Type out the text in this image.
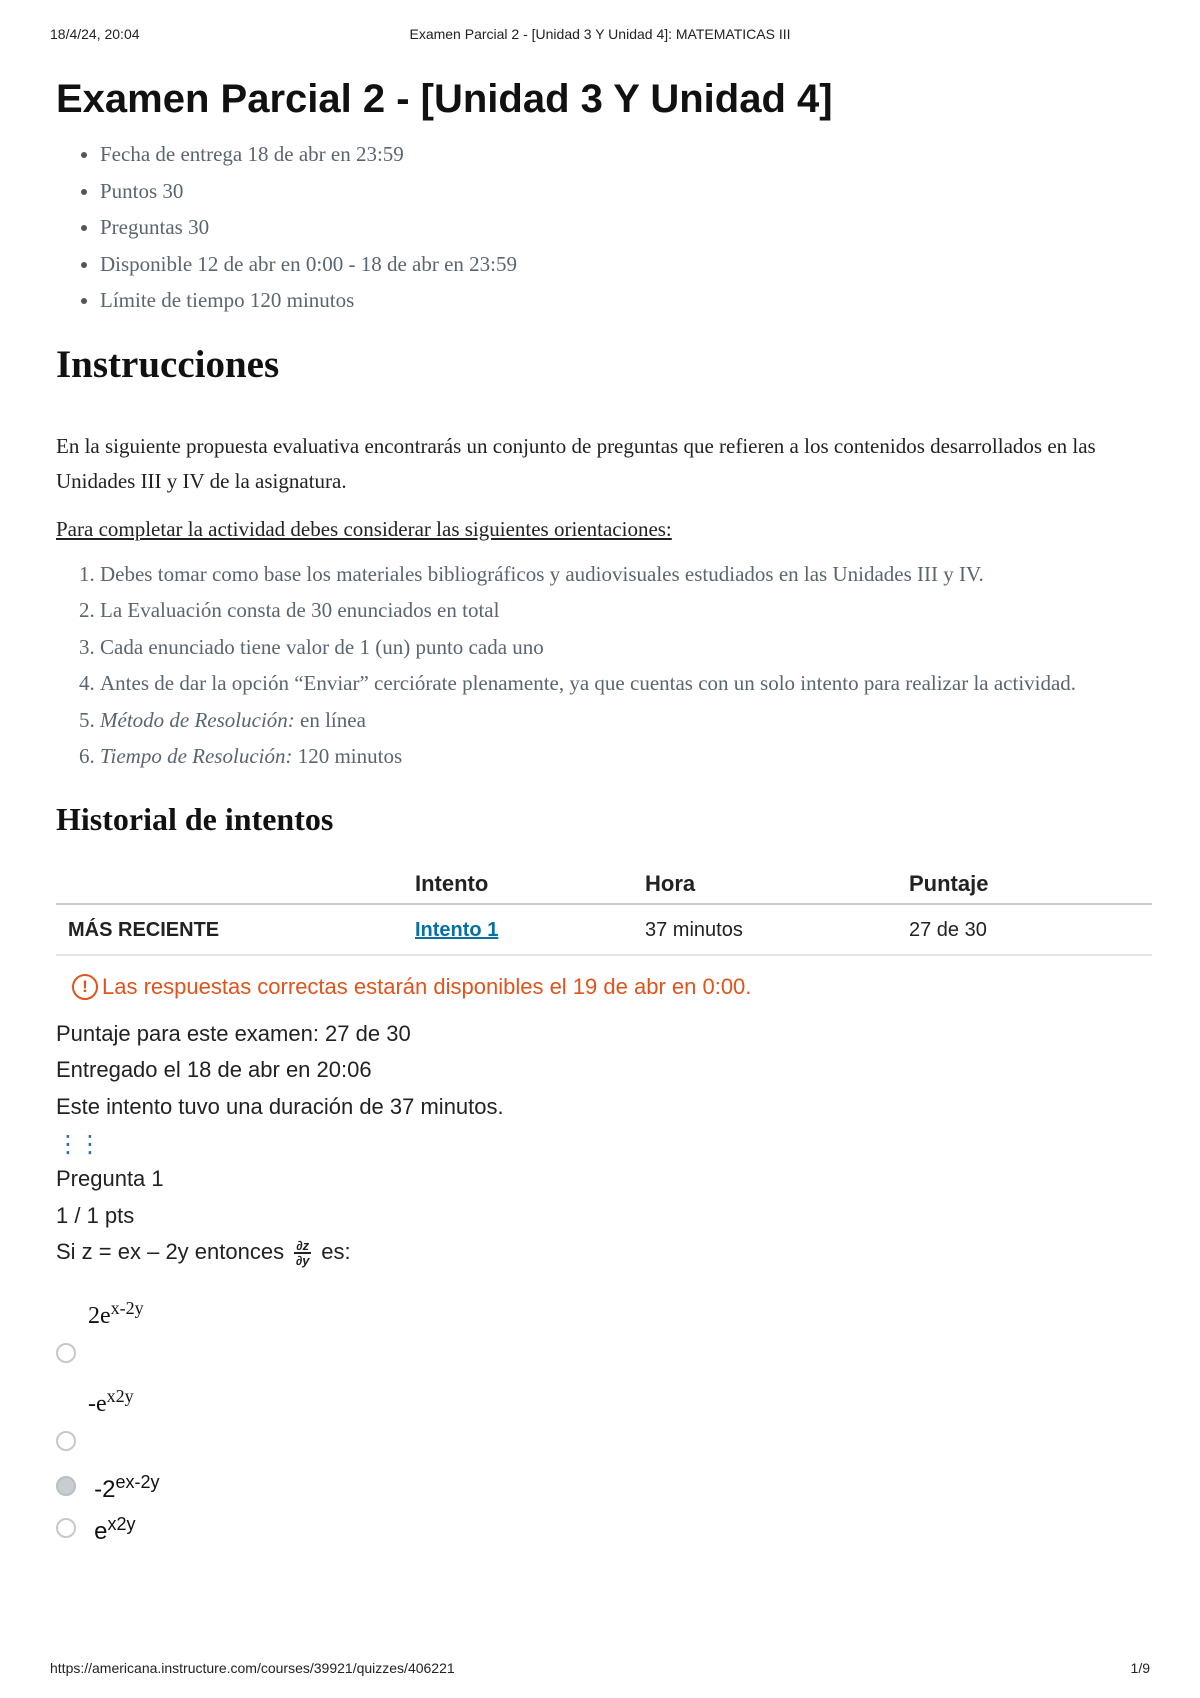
18/4/24, 20:04	Examen Parcial 2 - [Unidad 3 Y Unidad 4]: MATEMATICAS III
Examen Parcial 2 - [Unidad 3 Y Unidad 4]
• Fecha de entrega 18 de abr en 23:59
• Puntos 30
• Preguntas 30
• Disponible 12 de abr en 0:00 - 18 de abr en 23:59
• Límite de tiempo 120 minutos
Instrucciones

En la siguiente propuesta evaluativa encontrarás un conjunto de preguntas que refieren a los contenidos desarrollados en las Unidades III y IV de la asignatura.

Para completar la actividad debes considerar las siguientes orientaciones:

1. Debes tomar como base los materiales bibliográficos y audiovisuales estudiados en las Unidades III y IV.
2. La Evaluación consta de 30 enunciados en total
3. Cada enunciado tiene valor de 1 (un) punto cada uno
4. Antes de dar la opción “Enviar” cerciórate plenamente, ya que cuentas con un solo intento para realizar la actividad.
5. Método de Resolución: en línea
6. Tiempo de Resolución: 120 minutos
Historial de intentos
	Intento	Hora	Puntaje
MÁS RECIENTE	Intento 1	37 minutos	27 de 30
! Las respuestas correctas estarán disponibles el 19 de abr en 0:00.
Puntaje para este examen: 27 de 30
Entregado el 18 de abr en 20:06
Este intento tuvo una duración de 37 minutos.
⋮⋮
Pregunta 1
1 / 1 pts
Si z = ex – 2y entonces $\frac{\partial z}{\partial y}$ es:
$2e^{x-2y}$
$-e^{x2y}$
$-2^{ex-2y}$
$e^{x2y}$
https://americana.instructure.com/courses/39921/quizzes/406221	1/9
